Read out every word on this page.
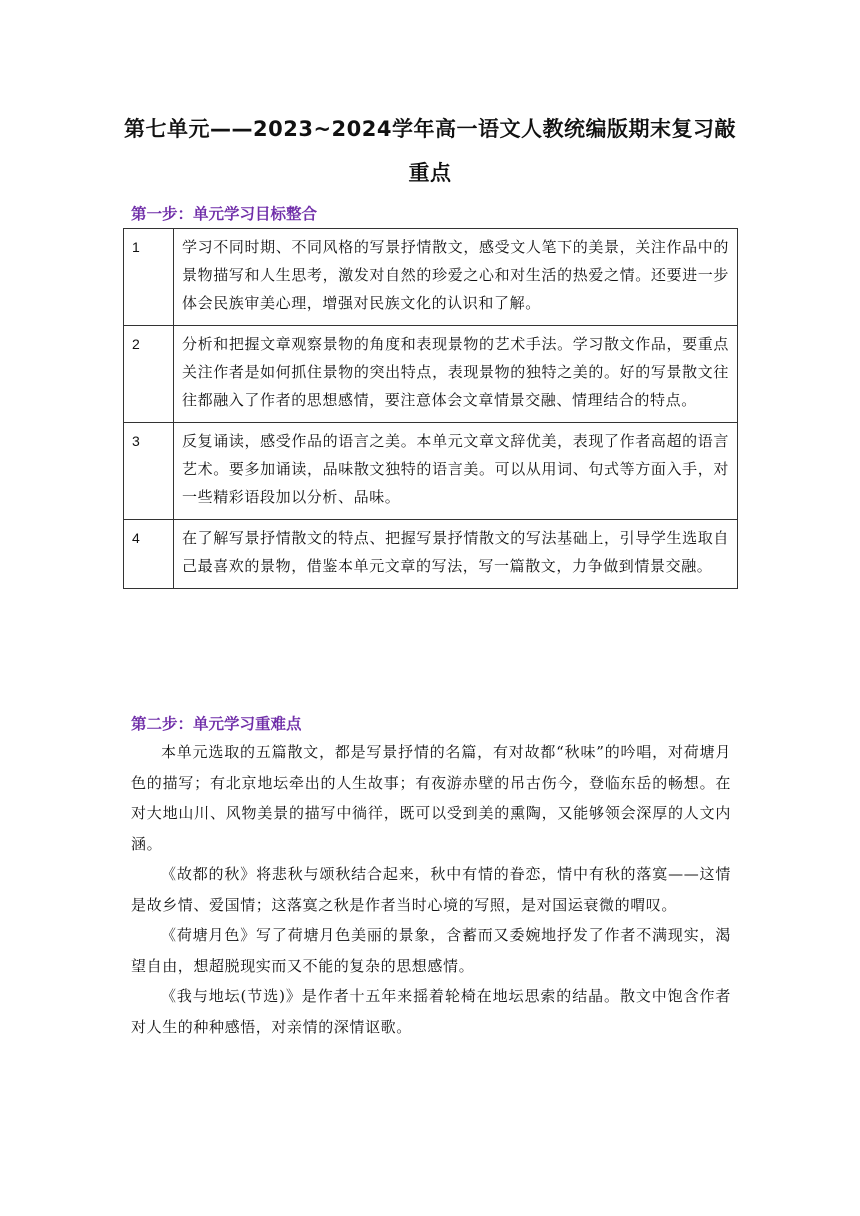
第七单元——2023~2024学年高一语文人教统编版期末复习敲
重点
第一步：单元学习目标整合
1	学习不同时期、不同风格的写景抒情散文，感受文人笔下的美景，关注作品中的景物描写和人生思考，激发对自然的珍爱之心和对生活的热爱之情。还要进一步体会民族审美心理，增强对民族文化的认识和了解。
2	分析和把握文章观察景物的角度和表现景物的艺术手法。学习散文作品，要重点关注作者是如何抓住景物的突出特点，表现景物的独特之美的。好的写景散文往往都融入了作者的思想感情，要注意体会文章情景交融、情理结合的特点。
3	反复诵读，感受作品的语言之美。本单元文章文辞优美，表现了作者高超的语言艺术。要多加诵读，品味散文独特的语言美。可以从用词、句式等方面入手，对一些精彩语段加以分析、品味。
4	在了解写景抒情散文的特点、把握写景抒情散文的写法基础上，引导学生选取自己最喜欢的景物，借鉴本单元文章的写法，写一篇散文，力争做到情景交融。
第二步：单元学习重难点

本单元选取的五篇散文，都是写景抒情的名篇，有对故都“秋味”的吟唱，对荷塘月色的描写；有北京地坛牵出的人生故事；有夜游赤壁的吊古伤今，登临东岳的畅想。在对大地山川、风物美景的描写中徜徉，既可以受到美的熏陶，又能够领会深厚的人文内涵。

《故都的秋》将悲秋与颂秋结合起来，秋中有情的眷恋，情中有秋的落寞——这情是故乡情、爱国情；这落寞之秋是作者当时心境的写照，是对国运衰微的喟叹。

《荷塘月色》写了荷塘月色美丽的景象，含蓄而又委婉地抒发了作者不满现实，渴望自由，想超脱现实而又不能的复杂的思想感情。

《我与地坛(节选)》是作者十五年来摇着轮椅在地坛思索的结晶。散文中饱含作者对人生的种种感悟，对亲情的深情讴歌。
